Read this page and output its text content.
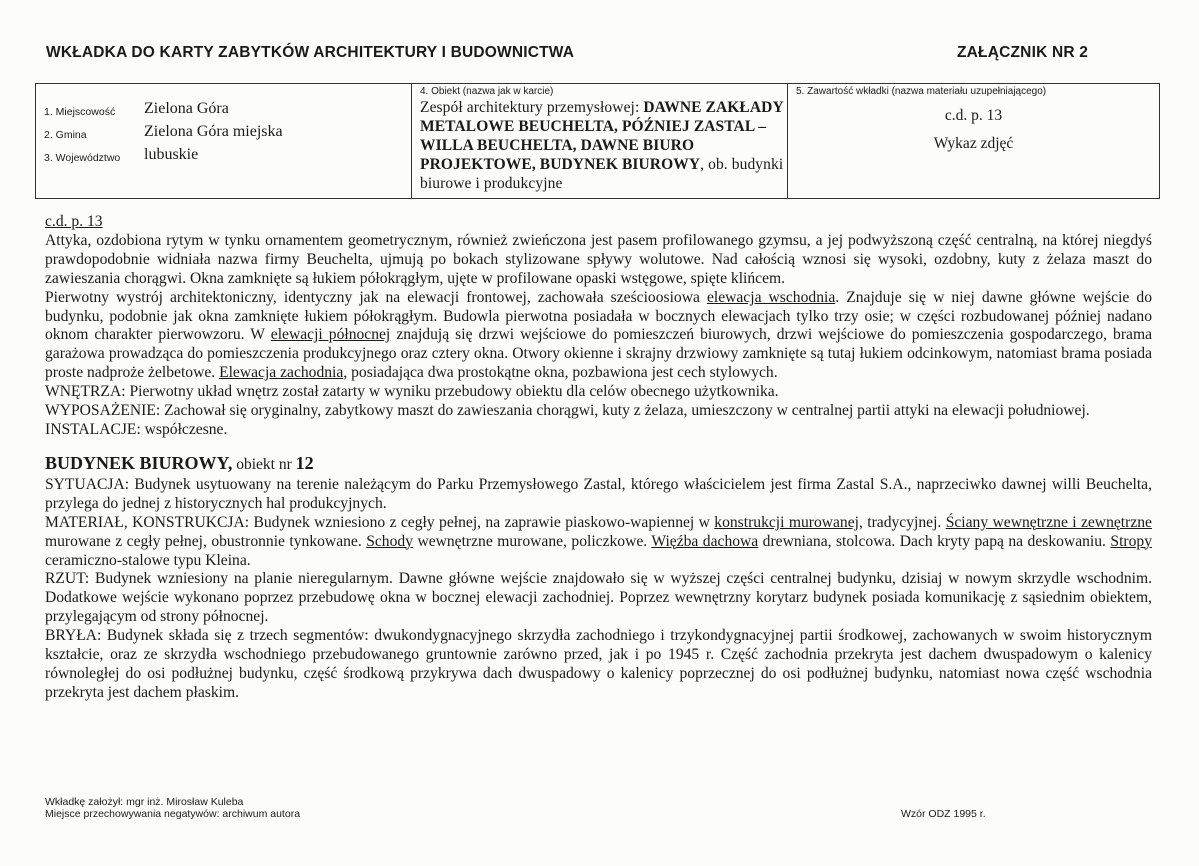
WKŁADKA DO KARTY ZABYTKÓW ARCHITEKTURY I BUDOWNICTWA	ZAŁĄCZNIK NR 2
1. Miejscowość	Zielona Góra
2. Gmina	Zielona Góra miejska
3. Województwo	lubuskie

4. Obiekt (nazwa jak w karcie)
Zespół architektury przemysłowej: DAWNE ZAKŁADY METALOWE BEUCHELTA, PÓŹNIEJ ZASTAL – WILLA BEUCHELTA, DAWNE BIURO PROJEKTOWE, BUDYNEK BIUROWY, ob. budynki biurowe i produkcyjne

5. Zawartość wkładki (nazwa materiału uzupełniającego)
c.d. p. 13
Wykaz zdjęć

c.d. p. 13

Attyka, ozdobiona rytym w tynku ornamentem geometrycznym, również zwieńczona jest pasem profilowanego gzymsu, a jej podwyższoną część centralną, na której niegdyś prawdopodobnie widniała nazwa firmy Beuchelta, ujmują po bokach stylizowane spływy wolutowe. Nad całością wznosi się wysoki, ozdobny, kuty z żelaza maszt do zawieszania chorągwi. Okna zamknięte są łukiem półokrągłym, ujęte w profilowane opaski wstęgowe, spięte klińcem.

Pierwotny wystrój architektoniczny, identyczny jak na elewacji frontowej, zachowała sześcioosiowa elewacja wschodnia. Znajduje się w niej dawne główne wejście do budynku, podobnie jak okna zamknięte łukiem półokrągłym. Budowla pierwotna posiadała w bocznych elewacjach tylko trzy osie; w części rozbudowanej później nadano oknom charakter pierwowzoru. W elewacji północnej znajdują się drzwi wejściowe do pomieszczeń biurowych, drzwi wejściowe do pomieszczenia gospodarczego, brama garażowa prowadząca do pomieszczenia produkcyjnego oraz cztery okna. Otwory okienne i skrajny drzwiowy zamknięte są tutaj łukiem odcinkowym, natomiast brama posiada proste nadproże żelbetowe. Elewacja zachodnia, posiadająca dwa prostokątne okna, pozbawiona jest cech stylowych.

WNĘTRZA: Pierwotny układ wnętrz został zatarty w wyniku przebudowy obiektu dla celów obecnego użytkownika.

WYPOSAŻENIE: Zachował się oryginalny, zabytkowy maszt do zawieszania chorągwi, kuty z żelaza, umieszczony w centralnej partii attyki na elewacji południowej.

INSTALACJE: współczesne.

BUDYNEK BIUROWY, obiekt nr 12

SYTUACJA: Budynek usytuowany na terenie należącym do Parku Przemysłowego Zastal, którego właścicielem jest firma Zastal S.A., naprzeciwko dawnej willi Beuchelta, przylega do jednej z historycznych hal produkcyjnych.

MATERIAŁ, KONSTRUKCJA: Budynek wzniesiono z cegły pełnej, na zaprawie piaskowo-wapiennej w konstrukcji murowanej, tradycyjnej. Ściany wewnętrzne i zewnętrzne murowane z cegły pełnej, obustronnie tynkowane. Schody wewnętrzne murowane, policzkowe. Więźba dachowa drewniana, stolcowa. Dach kryty papą na deskowaniu. Stropy ceramiczno-stalowe typu Kleina.

RZUT: Budynek wzniesiony na planie nieregularnym. Dawne główne wejście znajdowało się w wyższej części centralnej budynku, dzisiaj w nowym skrzydle wschodnim. Dodatkowe wejście wykonano poprzez przebudowę okna w bocznej elewacji zachodniej. Poprzez wewnętrzny korytarz budynek posiada komunikację z sąsiednim obiektem, przylegającym od strony północnej.

BRYŁA: Budynek składa się z trzech segmentów: dwukondygnacyjnego skrzydła zachodniego i trzykondygnacyjnej partii środkowej, zachowanych w swoim historycznym kształcie, oraz ze skrzydła wschodniego przebudowanego gruntownie zarówno przed, jak i po 1945 r. Część zachodnia przekryta jest dachem dwuspadowym o kalenicy równoległej do osi podłużnej budynku, część środkową przykrywa dach dwuspadowy o kalenicy poprzecznej do osi podłużnej budynku, natomiast nowa część wschodnia przekryta jest dachem płaskim.

Wkładkę założył: mgr inż. Mirosław Kuleba
Miejsce przechowywania negatywów: archiwum autora	Wzór ODZ 1995 r.
